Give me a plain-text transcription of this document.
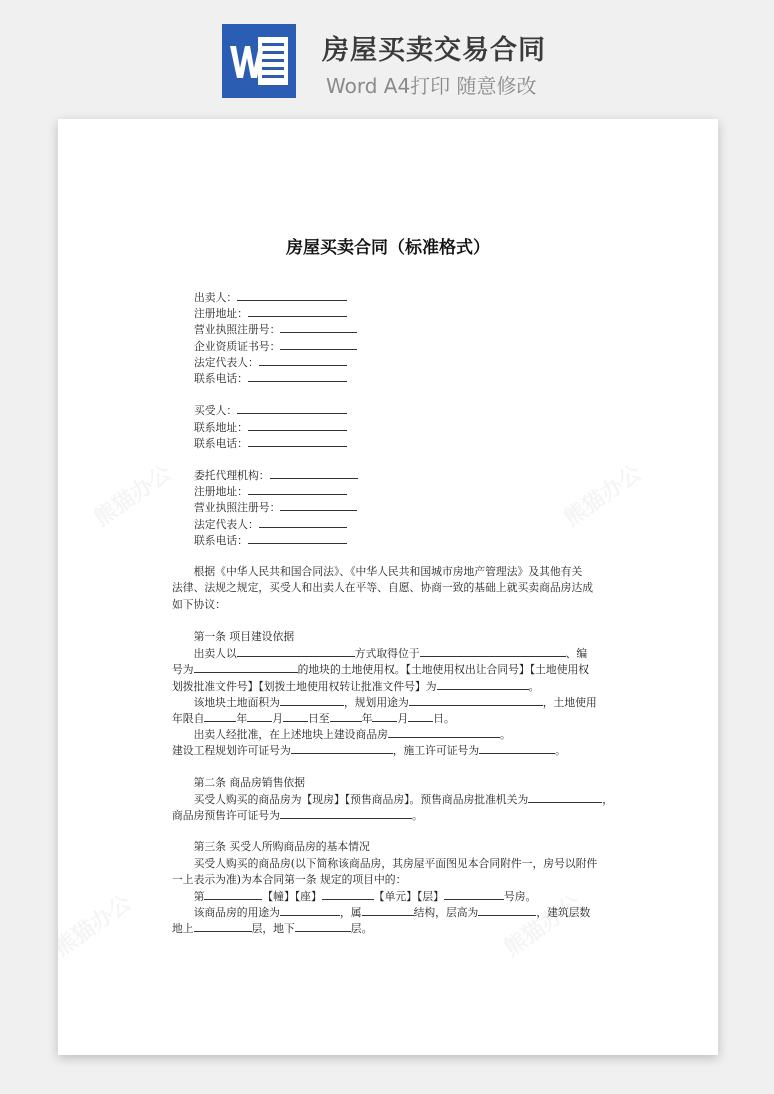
房屋买卖交易合同
Word A4打印 随意修改
房屋买卖合同（标准格式）
出卖人：
注册地址：
营业执照注册号：
企业资质证书号：
法定代表人：
联系电话：
买受人：
联系地址：
联系电话：
委托代理机构：
注册地址：
营业执照注册号：
法定代表人：
联系电话：
根据《中华人民共和国合同法》、《中华人民共和国城市房地产管理法》及其他有关
法律、法规之规定，买受人和出卖人在平等、自愿、协商一致的基础上就买卖商品房达成
如下协议：
第一条 项目建设依据
出卖人以	方式取得位于	、编
号为	的地块的土地使用权。【土地使用权出让合同号】【土地使用权
划拨批准文件号】【划拨土地使用权转让批准文件号】为	。
该地块土地面积为	，规划用途为	，土地使用
年限自	年 月 日至	年 月 日。
出卖人经批准，在上述地块上建设商品房	。
建设工程规划许可证号为	，施工许可证号为	。
第二条 商品房销售依据
买受人购买的商品房为【现房】【预售商品房】。预售商品房批准机关为	，
商品房预售许可证号为	。
第三条 买受人所购商品房的基本情况
买受人购买的商品房(以下简称该商品房，其房屋平面图见本合同附件一，房号以附件
一上表示为准)为本合同第一条 规定的项目中的：
第	【幢】【座】	【单元】【层】	号房。
该商品房的用途为	，属	结构，层高为	，建筑层数
地上	层，地下	层。
